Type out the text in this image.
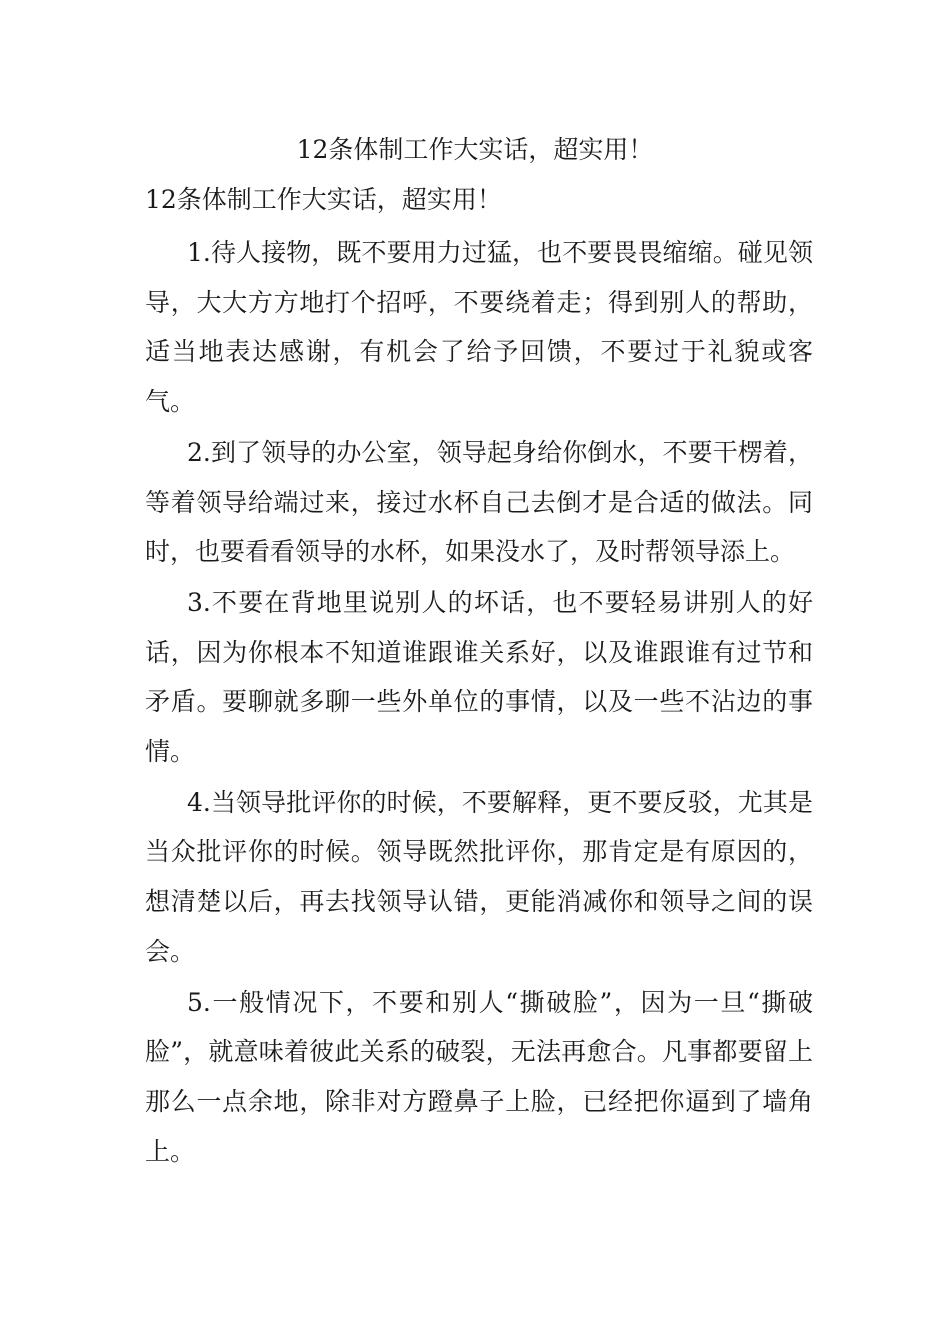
12条体制工作大实话，超实用！

12条体制工作大实话，超实用！

1.待人接物，既不要用力过猛，也不要畏畏缩缩。碰见领导，大大方方地打个招呼，不要绕着走；得到别人的帮助，适当地表达感谢，有机会了给予回馈，不要过于礼貌或客气。

2.到了领导的办公室，领导起身给你倒水，不要干楞着，等着领导给端过来，接过水杯自己去倒才是合适的做法。同时，也要看看领导的水杯，如果没水了，及时帮领导添上。

3.不要在背地里说别人的坏话，也不要轻易讲别人的好话，因为你根本不知道谁跟谁关系好，以及谁跟谁有过节和矛盾。要聊就多聊一些外单位的事情，以及一些不沾边的事情。

4.当领导批评你的时候，不要解释，更不要反驳，尤其是当众批评你的时候。领导既然批评你，那肯定是有原因的，想清楚以后，再去找领导认错，更能消减你和领导之间的误会。

5.一般情况下，不要和别人“撕破脸”，因为一旦“撕破脸”，就意味着彼此关系的破裂，无法再愈合。凡事都要留上那么一点余地，除非对方蹬鼻子上脸，已经把你逼到了墙角上。
